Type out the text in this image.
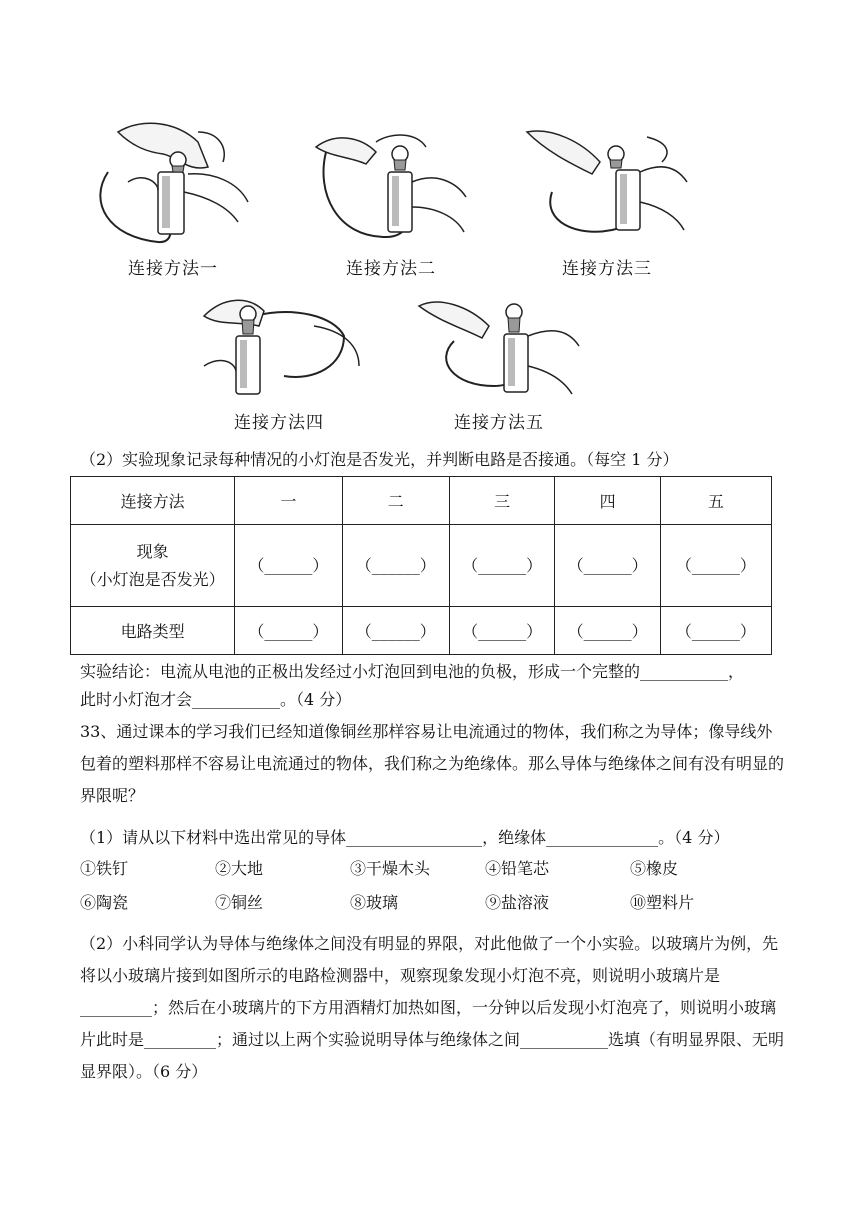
连接方法一	连接方法二	连接方法三
连接方法四	连接方法五
（2）实验现象记录每种情况的小灯泡是否发光，并判断电路是否接通。（每空 1 分）
连接方法	一	二	三	四	五

现象
（小灯泡是否发光）	（______）	（______）	（______）	（______）	（______）
电路类型	（______）	（______）	（______）	（______）	（______）
实验结论：电流从电池的正极出发经过小灯泡回到电池的负极，形成一个完整的___________，
此时小灯泡才会___________。（4 分）
33、通过课本的学习我们已经知道像铜丝那样容易让电流通过的物体，我们称之为导体；像导线外包着的塑料那样不容易让电流通过的物体，我们称之为绝缘体。那么导体与绝缘体之间有没有明显的界限呢？
（1）请从以下材料中选出常见的导体_________________，绝缘体______________。（4 分）
①铁钉	②大地	③干燥木头	④铅笔芯	⑤橡皮
⑥陶瓷	⑦铜丝	⑧玻璃	⑨盐溶液	⑩塑料片
（2）小科同学认为导体与绝缘体之间没有明显的界限，对此他做了一个小实验。以玻璃片为例，先将以小玻璃片接到如图所示的电路检测器中，观察现象发现小灯泡不亮，则说明小玻璃片是_________；然后在小玻璃片的下方用酒精灯加热如图，一分钟以后发现小灯泡亮了，则说明小玻璃片此时是_________；通过以上两个实验说明导体与绝缘体之间___________选填（有明显界限、无明显界限）。（6 分）
